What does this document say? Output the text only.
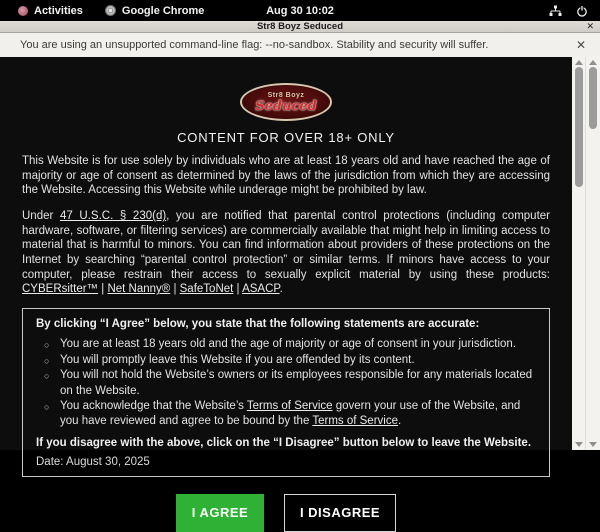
Activities	Google Chrome	Aug 30 10:02
Str8 Boyz Seduced	✕
You are using an unsupported command-line flag: --no-sandbox. Stability and security will suffer.	✕
Str8 Boyz
Seduced
CONTENT FOR OVER 18+ ONLY

This Website is for use solely by individuals who are at least 18 years old and have reached the age of majority or age of consent as determined by the laws of the jurisdiction from which they are accessing the Website. Accessing this Website while underage might be prohibited by law.

Under 47 U.S.C. § 230(d), you are notified that parental control protections (including computer hardware, software, or filtering services) are commercially available that might help in limiting access to material that is harmful to minors. You can find information about providers of these protections on the Internet by searching “parental control protection” or similar terms. If minors have access to your computer, please restrain their access to sexually explicit material by using these products: CYBERsitter™ | Net Nanny® | SafeToNet | ASACP.

By clicking “I Agree” below, you state that the following statements are accurate:
○ You are at least 18 years old and the age of majority or age of consent in your jurisdiction.
○ You will promptly leave this Website if you are offended by its content.
○ You will not hold the Website’s owners or its employees responsible for any materials located on the Website.
○ You acknowledge that the Website’s Terms of Service govern your use of the Website, and you have reviewed and agree to be bound by the Terms of Service.
If you disagree with the above, click on the “I Disagree” button below to leave the Website.
Date: August 30, 2025
I AGREE	I DISAGREE
